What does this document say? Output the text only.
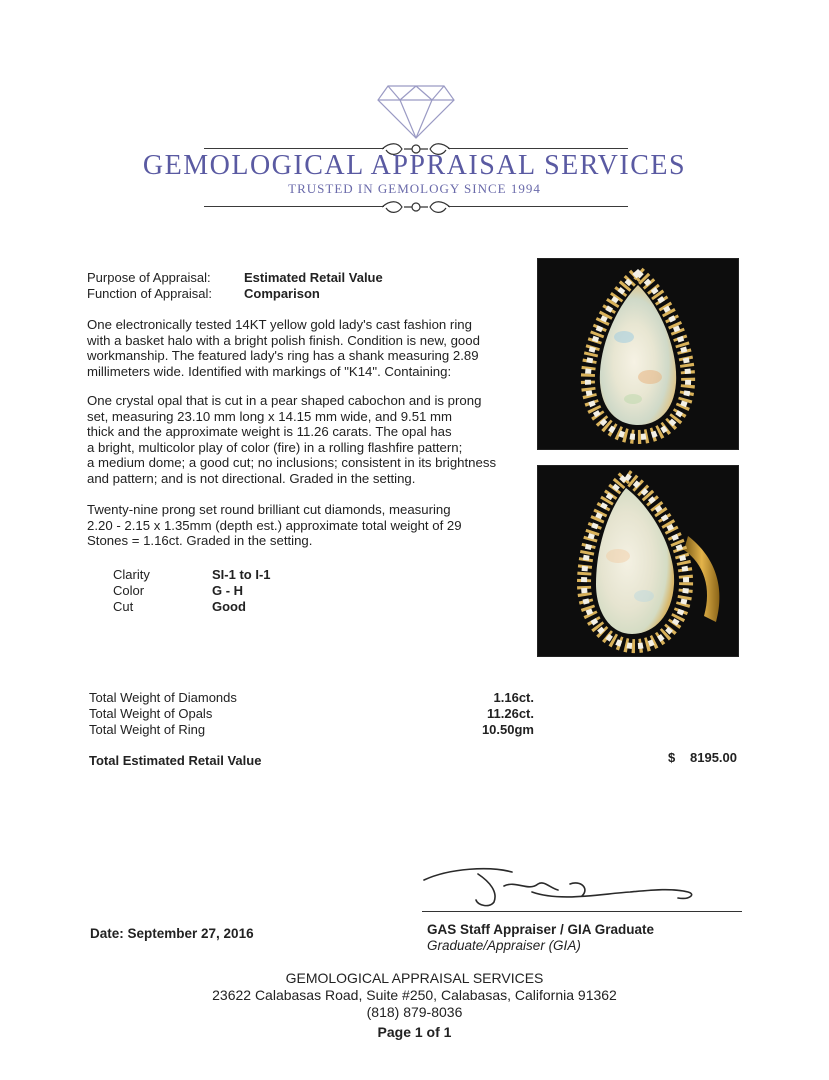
GEMOLOGICAL APPRAISAL SERVICES
TRUSTED IN GEMOLOGY SINCE 1994
Purpose of Appraisal:	Estimated Retail Value
Function of Appraisal: Comparison
One electronically tested 14KT yellow gold lady's cast fashion ring
with a basket halo with a bright polish finish. Condition is new, good
workmanship. The featured lady's ring has a shank measuring 2.89
millimeters wide. Identified with markings of "K14". Containing:
One crystal opal that is cut in a pear shaped cabochon and is prong
set, measuring 23.10 mm long x 14.15 mm wide, and 9.51 mm
thick and the approximate weight is 11.26 carats. The opal has
a bright, multicolor play of color (fire) in a rolling flashfire pattern;
a medium dome; a good cut; no inclusions; consistent in its brightness
and pattern; and is not directional. Graded in the setting.
Twenty-nine prong set round brilliant cut diamonds, measuring
2.20 - 2.15 x 1.35mm (depth est.) approximate total weight of 29
Stones = 1.16ct. Graded in the setting.
Clarity	SI-1 to I-1
Color	G - H
Cut	Good
Total Weight of Diamonds	1.16ct.
Total Weight of Opals	11.26ct.
Total Weight of Ring	10.50gm
Total Estimated Retail Value	$ 8195.00
Date: September 27, 2016	GAS Staff Appraiser / GIA Graduate
Graduate/Appraiser (GIA)
GEMOLOGICAL APPRAISAL SERVICES
23622 Calabasas Road, Suite #250, Calabasas, California 91362
(818) 879-8036
Page 1 of 1
